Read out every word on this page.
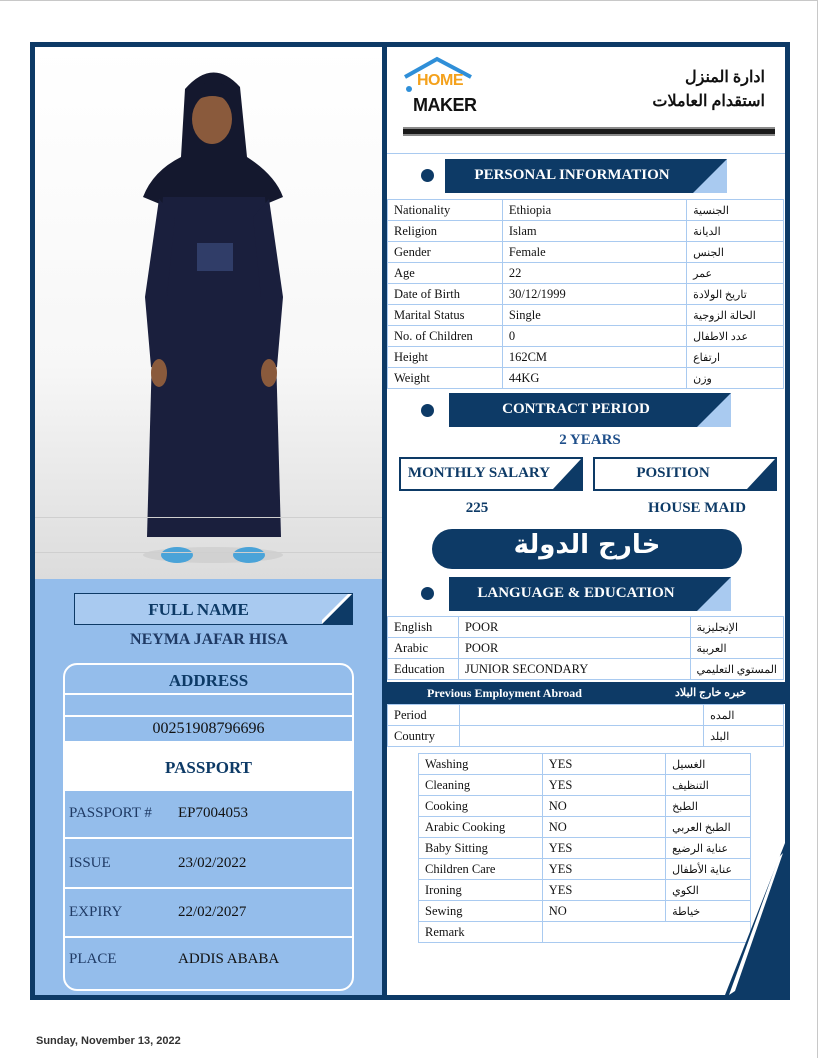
FULL NAME
NEYMA JAFAR HISA
ADDRESS
00251908796696
PASSPORT
PASSPORT # EP7004053
ISSUE	23/02/2022
EXPIRY	22/02/2027
PLACE	ADDIS ABABA
HOME
MAKER
ادارة المنزل
استقدام العاملات
PERSONAL INFORMATION
Nationality	Ethiopia	الجنسية
Religion	Islam	الديانة
Gender	Female	الجنس
Age	22	عمر
Date of Birth	30/12/1999	تاريخ الولادة
Marital Status	Single	الحالة الزوجية
No. of Children	0	عدد الاطفال
Height	162CM	ارتفاع
Weight	44KG	وزن
CONTRACT PERIOD
2 YEARS
MONTHLY SALARY	POSITION
225	HOUSE MAID
خارج الدولة
LANGUAGE & EDUCATION
English	POOR	الإنجليزية
Arabic	POOR	العربية
Education	JUNIOR SECONDARY	المستوي التعليمي
Previous Employment Abroad	خبره خارج البلاد
Period		المده
Country		البلد
Washing	YES	الغسيل
Cleaning	YES	التنظيف
Cooking	NO	الطبخ
Arabic Cooking	NO	الطبخ العربي
Baby Sitting	YES	عناية الرضيع
Children Care	YES	عناية الأطفال
Ironing	YES	الكوي
Sewing	NO	خياطة
Remark		
Sunday, November 13, 2022
